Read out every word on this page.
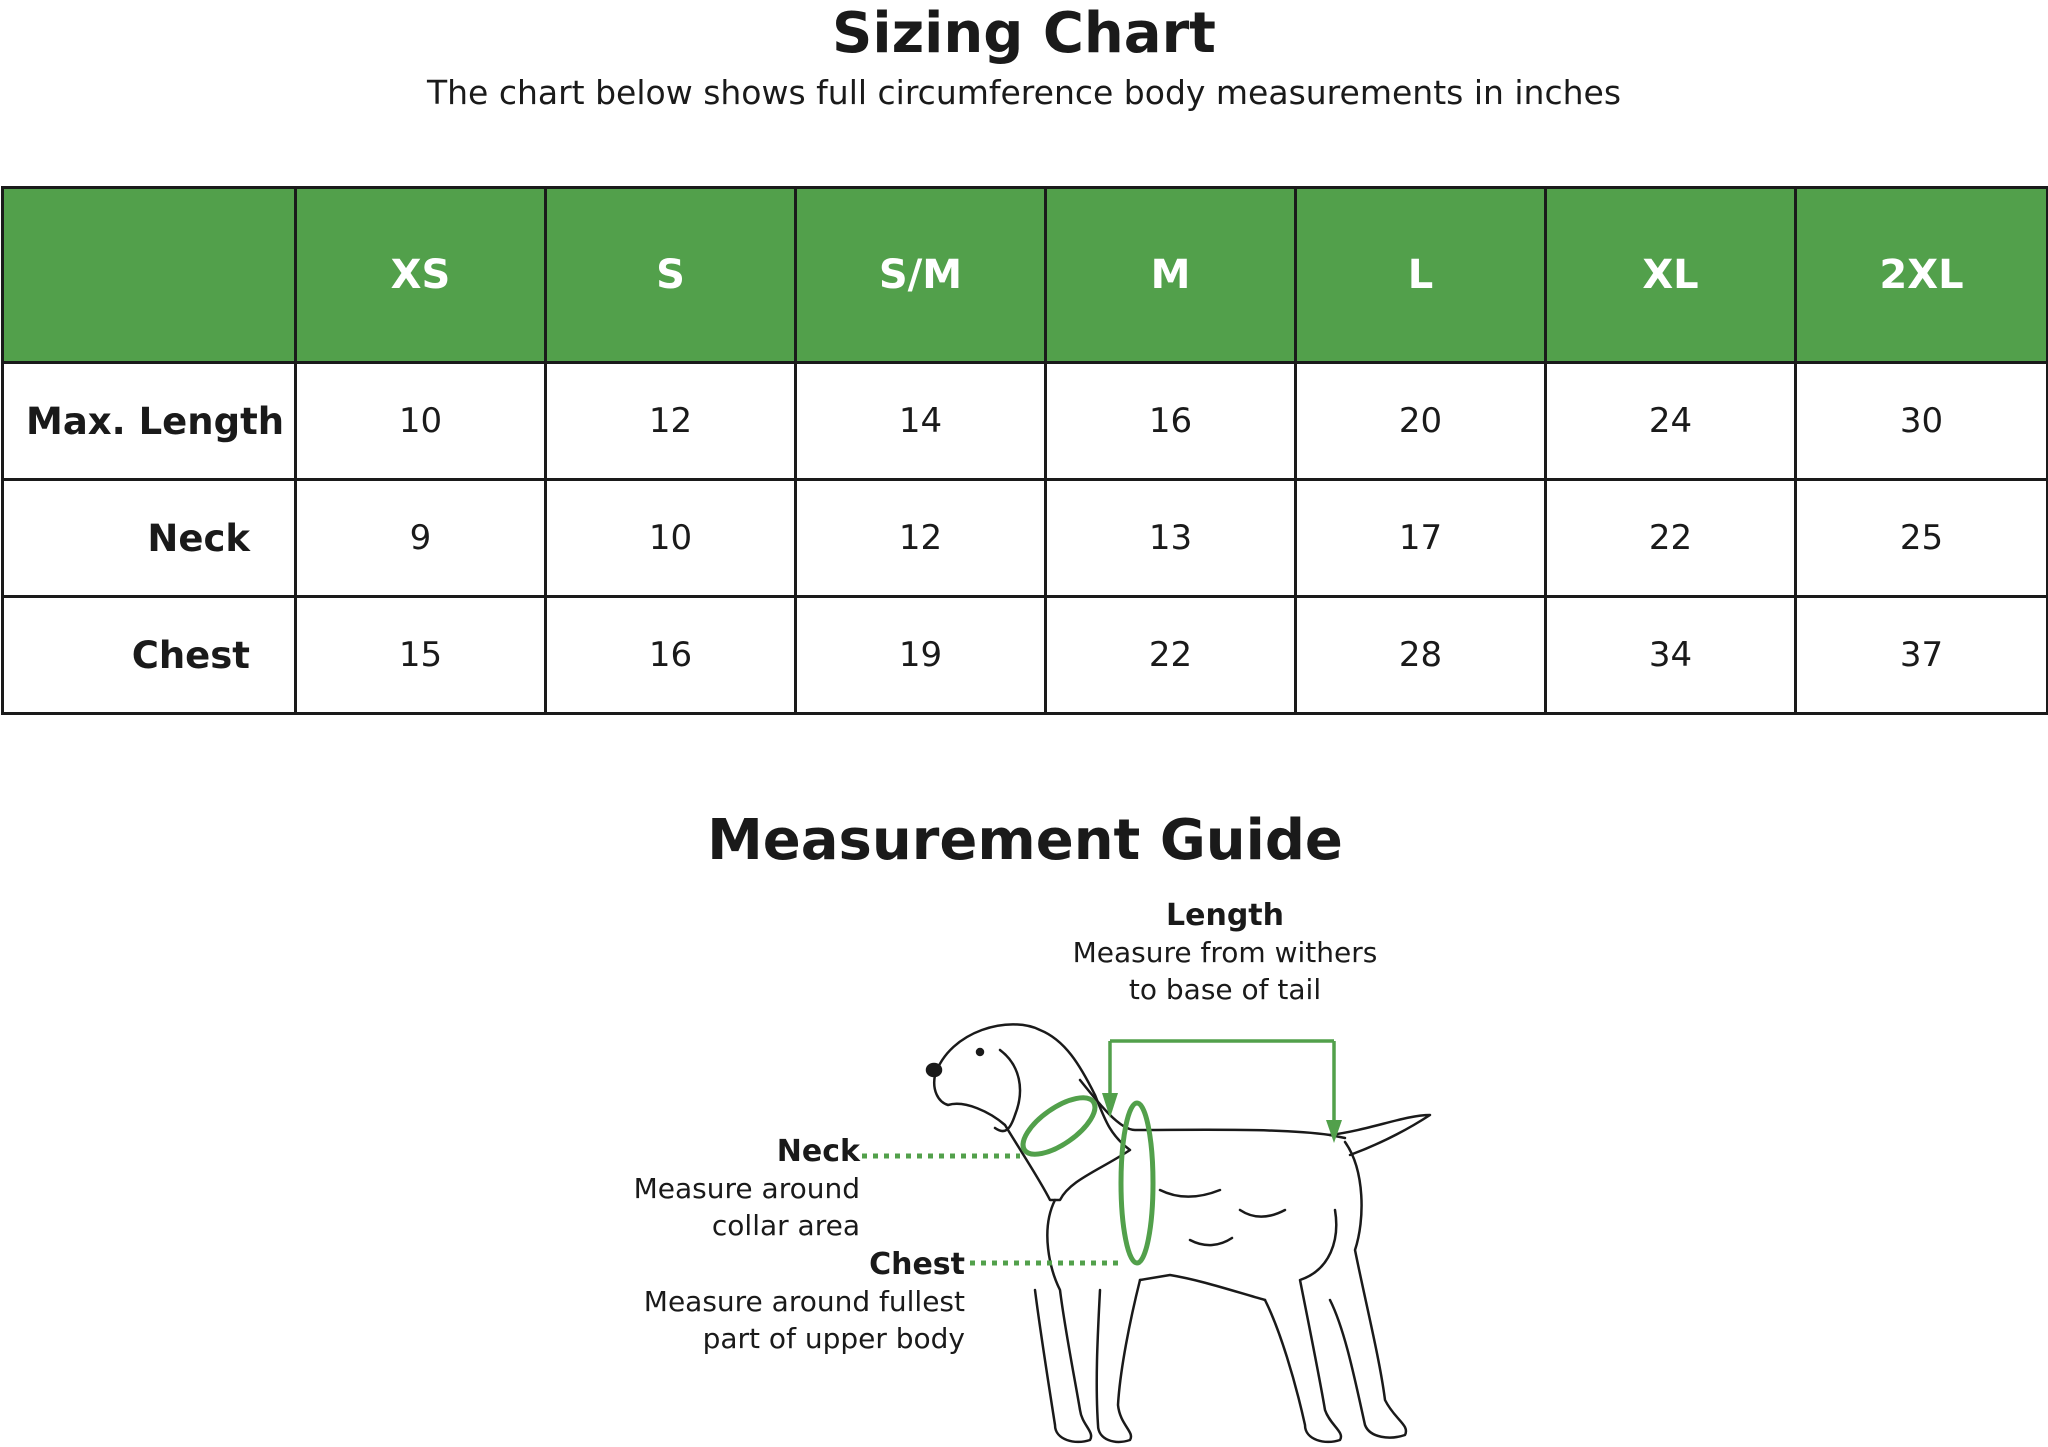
Sizing Chart
The chart below shows full circumference body measurements in inches
	XS	S	S/M	M	L	XL	2XL
Max. Length	10	12	14	16	20	24	30
Neck	9	10	12	13	17	22	25
Chest	15	16	19	22	28	34	37
Measurement Guide
Length
Measure from withers
to base of tail
Neck
Measure around
collar area
Chest
Measure around fullest
part of upper body
